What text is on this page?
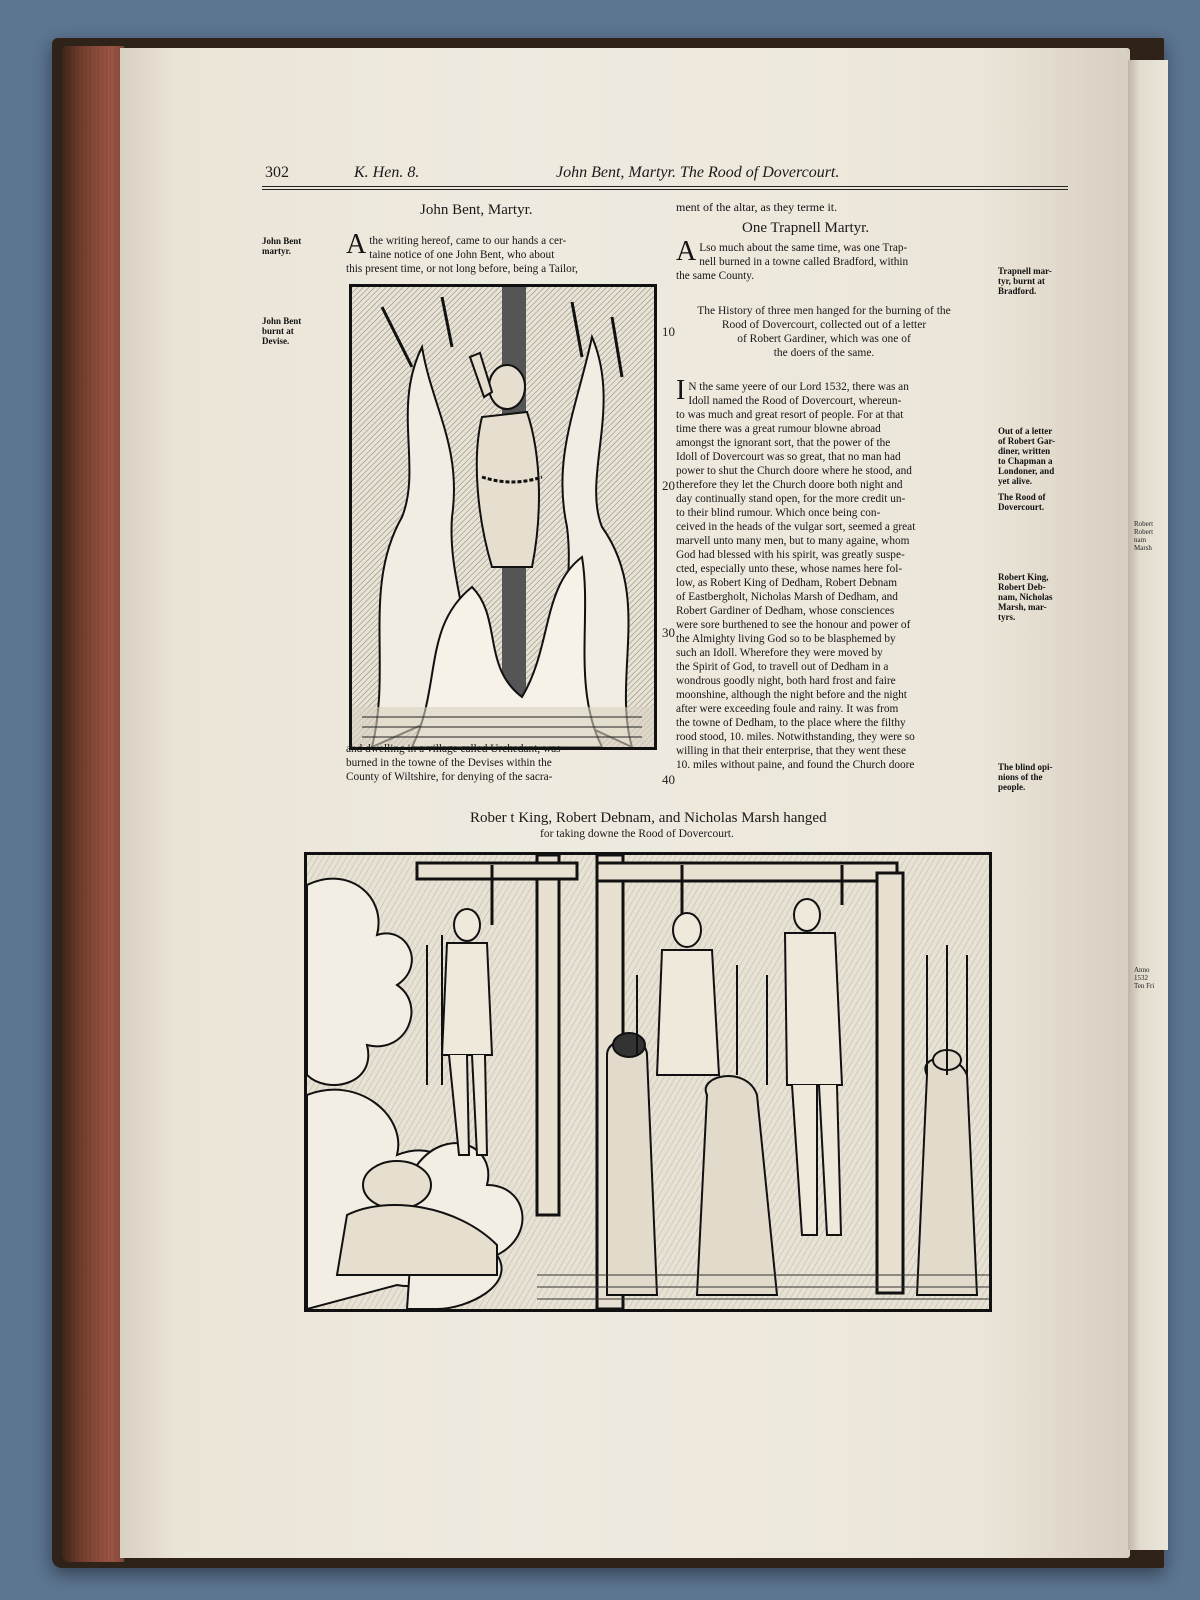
Anno
1532
Ten Fri
Robert
Robert
nam
Marsh
302	K. Hen. 8.	John Bent, Martyr. The Rood of Dovercourt.
John Bent, Martyr.
John Bent
martyr.
John Bent
burnt at
Devise.
A the writing hereof, came to our hands a cer-
taine notice of one John Bent, who about
this present time, or not long before, being a Tailor,
and dwelling in a village called Urchedant, was
burned in the towne of the Devises within the
County of Wiltshire, for denying of the sacra-
ment of the altar, as they terme it.
One Trapnell Martyr.
A Lso much about the same time, was one Trap-
nell burned in a towne called Bradford, within
the same County.
The History of three men hanged for the burning of the
Rood of Dovercourt, collected out of a letter
of Robert Gardiner, which was one of
the doers of the same.
I N the same yeere of our Lord 1532, there was an
Idoll named the Rood of Dovercourt, whereun-
to was much and great resort of people. For at that
time there was a great rumour blowne abroad
amongst the ignorant sort, that the power of the
Idoll of Dovercourt was so great, that no man had
power to shut the Church doore where he stood, and
therefore they let the Church doore both night and
day continually stand open, for the more credit un-
to their blind rumour. Which once being con-
ceived in the heads of the vulgar sort, seemed a great
marvell unto many men, but to many againe, whom
God had blessed with his spirit, was greatly suspe-
cted, especially unto these, whose names here fol-
low, as Robert King of Dedham, Robert Debnam
of Eastbergholt, Nicholas Marsh of Dedham, and
Robert Gardiner of Dedham, whose consciences
were sore burthened to see the honour and power of
the Almighty living God so to be blasphemed by
such an Idoll. Wherefore they were moved by
the Spirit of God, to travell out of Dedham in a
wondrous goodly night, both hard frost and faire
moonshine, although the night before and the night
after were exceeding foule and rainy. It was from
the towne of Dedham, to the place where the filthy
rood stood, 10. miles. Notwithstanding, they were so
willing in that their enterprise, that they went these
10. miles without paine, and found the Church doore
10
20
30
40
Trapnell mar-
tyr, burnt at
Bradford.
Out of a letter
of Robert Gar-
diner, written
to Chapman a
Londoner, and
yet alive.
The Rood of
Dovercourt.
Robert King,
Robert Deb-
nam, Nicholas
Marsh, mar-
tyrs.
The blind opi-
nions of the
people.
Rober t King, Robert Debnam, and Nicholas Marsh hanged
for taking downe the Rood of Dovercourt.
